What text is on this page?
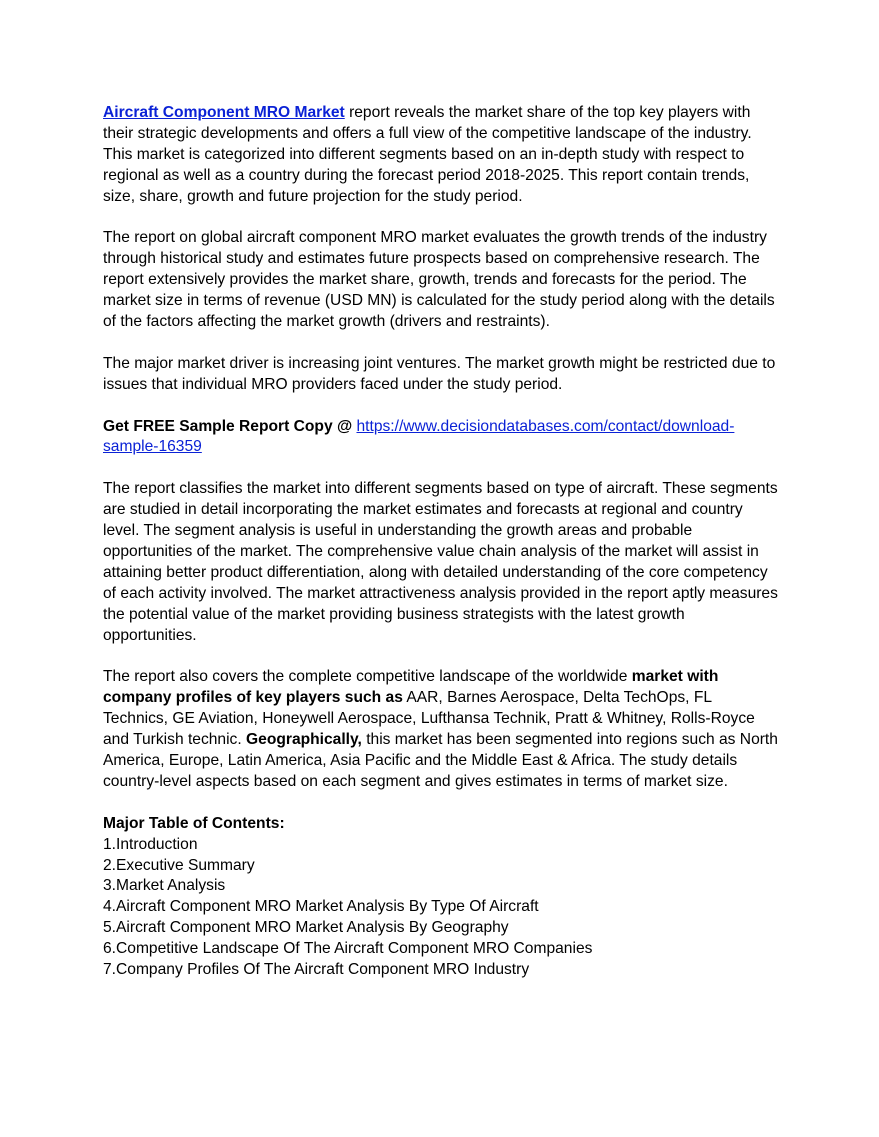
Aircraft Component MRO Market report reveals the market share of the top key players with their strategic developments and offers a full view of the competitive landscape of the industry. This market is categorized into different segments based on an in-depth study with respect to regional as well as a country during the forecast period 2018-2025. This report contain trends, size, share, growth and future projection for the study period.

The report on global aircraft component MRO market evaluates the growth trends of the industry through historical study and estimates future prospects based on comprehensive research. The report extensively provides the market share, growth, trends and forecasts for the period. The market size in terms of revenue (USD MN) is calculated for the study period along with the details of the factors affecting the market growth (drivers and restraints).

The major market driver is increasing joint ventures. The market growth might be restricted due to issues that individual MRO providers faced under the study period.

Get FREE Sample Report Copy @ https://www.decisiondatabases.com/contact/download-sample-16359

The report classifies the market into different segments based on type of aircraft. These segments are studied in detail incorporating the market estimates and forecasts at regional and country level. The segment analysis is useful in understanding the growth areas and probable opportunities of the market. The comprehensive value chain analysis of the market will assist in attaining better product differentiation, along with detailed understanding of the core competency of each activity involved. The market attractiveness analysis provided in the report aptly measures the potential value of the market providing business strategists with the latest growth opportunities.

The report also covers the complete competitive landscape of the worldwide market with company profiles of key players such as AAR, Barnes Aerospace, Delta TechOps, FL Technics, GE Aviation, Honeywell Aerospace, Lufthansa Technik, Pratt & Whitney, Rolls-Royce and Turkish technic. Geographically, this market has been segmented into regions such as North America, Europe, Latin America, Asia Pacific and the Middle East & Africa. The study details country-level aspects based on each segment and gives estimates in terms of market size.

Major Table of Contents:
1.Introduction
2.Executive Summary
3.Market Analysis
4.Aircraft Component MRO Market Analysis By Type Of Aircraft
5.Aircraft Component MRO Market Analysis By Geography
6.Competitive Landscape Of The Aircraft Component MRO Companies
7.Company Profiles Of The Aircraft Component MRO Industry
